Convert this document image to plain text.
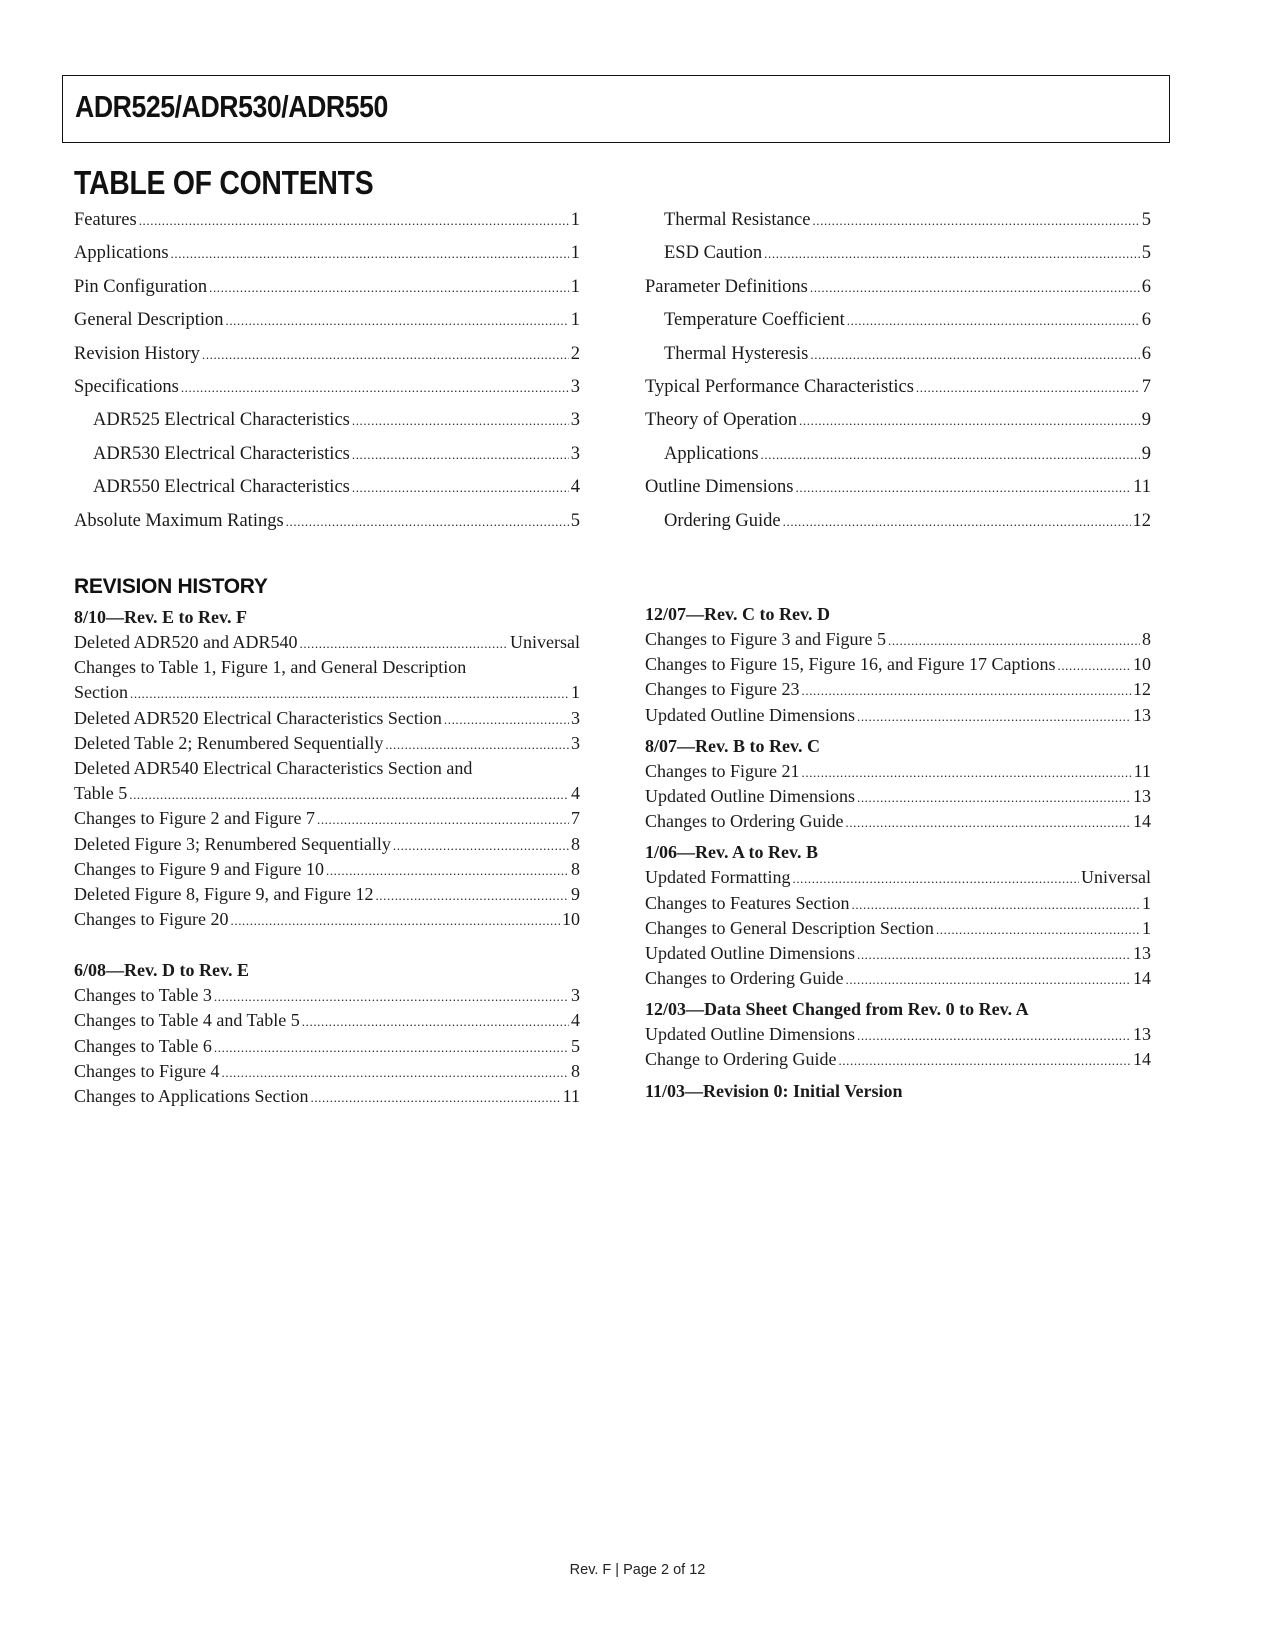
ADR525/ADR530/ADR550
TABLE OF CONTENTS
Features .....	1
Applications .....	1
Pin Configuration .....	1
General Description .....	1
Revision History .....	2
Specifications .....	3
ADR525 Electrical Characteristics .....	3
ADR530 Electrical Characteristics .....	3
ADR550 Electrical Characteristics .....	4
Absolute Maximum Ratings .....	5
Thermal Resistance .....	5
ESD Caution .....	5
Parameter Definitions .....	6
Temperature Coefficient .....	6
Thermal Hysteresis .....	6
Typical Performance Characteristics .....	7
Theory of Operation .....	9
Applications .....	9
Outline Dimensions .....	11
Ordering Guide .....	12
REVISION HISTORY
8/10—Rev. E to Rev. F
Deleted ADR520 and ADR540 .....	Universal
Changes to Table 1, Figure 1, and General Description
Section .....	1
Deleted ADR520 Electrical Characteristics Section .....	3
Deleted Table 2; Renumbered Sequentially .....	3
Deleted ADR540 Electrical Characteristics Section and
Table 5 .....	4
Changes to Figure 2 and Figure 7 .....	7
Deleted Figure 3; Renumbered Sequentially .....	8
Changes to Figure 9 and Figure 10 .....	8
Deleted Figure 8, Figure 9, and Figure 12 .....	9
Changes to Figure 20 .....	10
6/08—Rev. D to Rev. E
Changes to Table 3 .....	3
Changes to Table 4 and Table 5 .....	4
Changes to Table 6 .....	5
Changes to Figure 4 .....	8
Changes to Applications Section .....	11
12/07—Rev. C to Rev. D
Changes to Figure 3 and Figure 5 .....	8
Changes to Figure 15, Figure 16, and Figure 17 Captions .....	10
Changes to Figure 23 .....	12
Updated Outline Dimensions .....	13
8/07—Rev. B to Rev. C
Changes to Figure 21 .....	11
Updated Outline Dimensions .....	13
Changes to Ordering Guide .....	14
1/06—Rev. A to Rev. B
Updated Formatting .....	Universal
Changes to Features Section .....	1
Changes to General Description Section .....	1
Updated Outline Dimensions .....	13
Changes to Ordering Guide .....	14
12/03—Data Sheet Changed from Rev. 0 to Rev. A
Updated Outline Dimensions .....	13
Change to Ordering Guide .....	14
11/03—Revision 0: Initial Version
Rev. F | Page 2 of 12
